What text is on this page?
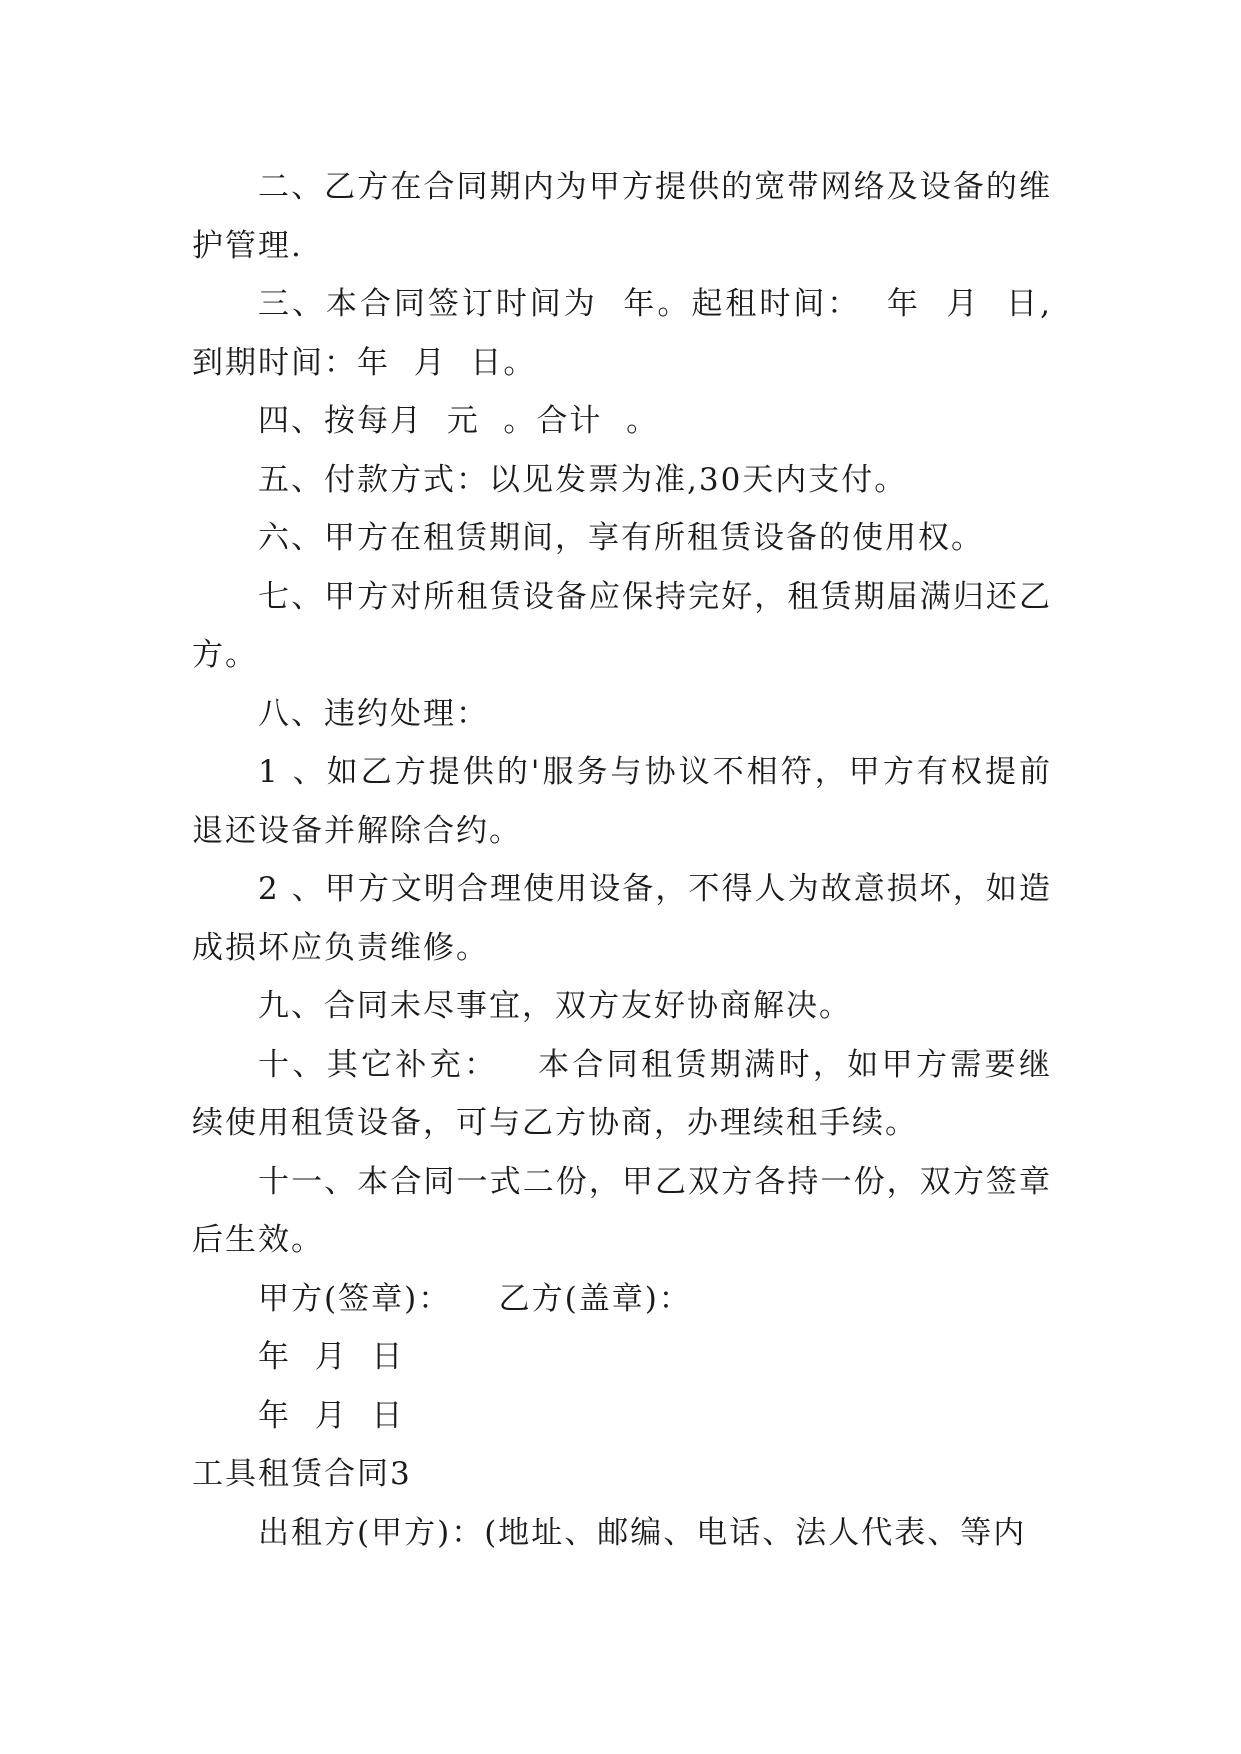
二、乙方在合同期内为甲方提供的宽带网络及设备的维护管理.

三、本合同签订时间为  年。起租时间：  年  月  日,到期时间：年  月  日。

四、按每月  元  。合计  。

五、付款方式：以见发票为准,30天内支付。

六、甲方在租赁期间，享有所租赁设备的使用权。

七、甲方对所租赁设备应保持完好，租赁期届满归还乙方。

八、违约处理：

1 、如乙方提供的'服务与协议不相符，甲方有权提前退还设备并解除合约。

2 、甲方文明合理使用设备，不得人为故意损坏，如造成损坏应负责维修。

九、合同未尽事宜，双方友好协商解决。

十、其它补充：   本合同租赁期满时，如甲方需要继续使用租赁设备，可与乙方协商，办理续租手续。

十一、本合同一式二份，甲乙双方各持一份，双方签章后生效。

甲方(签章)：    乙方(盖章)：

年  月  日

年  月  日

工具租赁合同3

出租方(甲方)：(地址、邮编、电话、法人代表、等内
